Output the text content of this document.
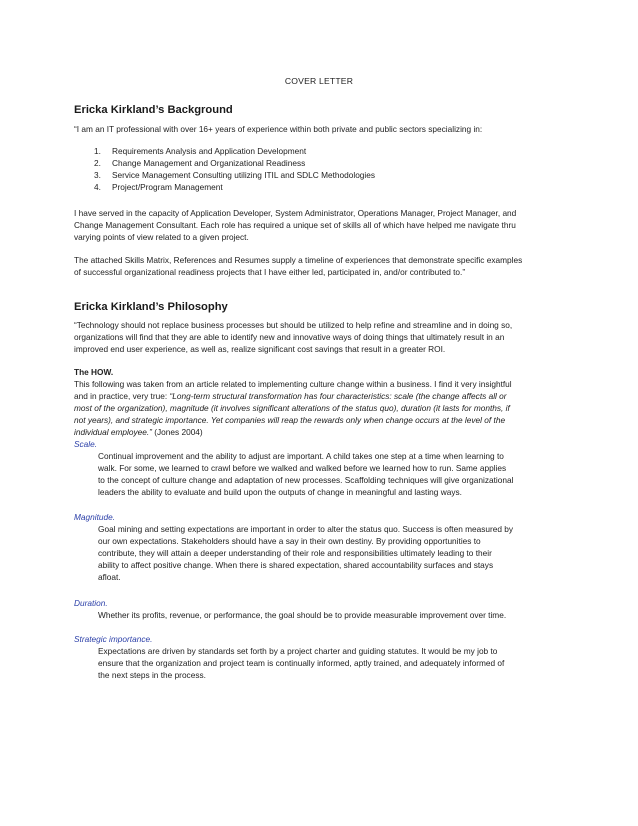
COVER LETTER
Ericka Kirkland’s Background
“I am an IT professional with over 16+ years of experience within both private and public sectors specializing in:
1. Requirements Analysis and Application Development
2. Change Management and Organizational Readiness
3. Service Management Consulting utilizing ITIL and SDLC Methodologies
4. Project/Program Management
I have served in the capacity of Application Developer, System Administrator, Operations Manager, Project Manager, and
Change Management Consultant. Each role has required a unique set of skills all of which have helped me navigate thru
varying points of view related to a given project.
The attached Skills Matrix, References and Resumes supply a timeline of experiences that demonstrate specific examples
of successful organizational readiness projects that I have either led, participated in, and/or contributed to.”
Ericka Kirkland’s Philosophy
“Technology should not replace business processes but should be utilized to help refine and streamline and in doing so,
organizations will find that they are able to identify new and innovative ways of doing things that ultimately result in an
improved end user experience, as well as, realize significant cost savings that result in a greater ROI.
The HOW.
This following was taken from an article related to implementing culture change within a business. I find it very insightful
and in practice, very true: “Long-term structural transformation has four characteristics: scale (the change affects all or
most of the organization), magnitude (it involves significant alterations of the status quo), duration (it lasts for months, if
not years), and strategic importance. Yet companies will reap the rewards only when change occurs at the level of the
individual employee.” (Jones 2004)
Scale.
Continual improvement and the ability to adjust are important. A child takes one step at a time when learning to
walk. For some, we learned to crawl before we walked and walked before we learned how to run. Same applies
to the concept of culture change and adaptation of new processes. Scaffolding techniques will give organizational
leaders the ability to evaluate and build upon the outputs of change in meaningful and lasting ways.
Magnitude.
Goal mining and setting expectations are important in order to alter the status quo. Success is often measured by
our own expectations. Stakeholders should have a say in their own destiny. By providing opportunities to
contribute, they will attain a deeper understanding of their role and responsibilities ultimately leading to their
ability to affect positive change. When there is shared expectation, shared accountability surfaces and stays
afloat.
Duration.
Whether its profits, revenue, or performance, the goal should be to provide measurable improvement over time.
Strategic importance.
Expectations are driven by standards set forth by a project charter and guiding statutes. It would be my job to
ensure that the organization and project team is continually informed, aptly trained, and adequately informed of
the next steps in the process.
